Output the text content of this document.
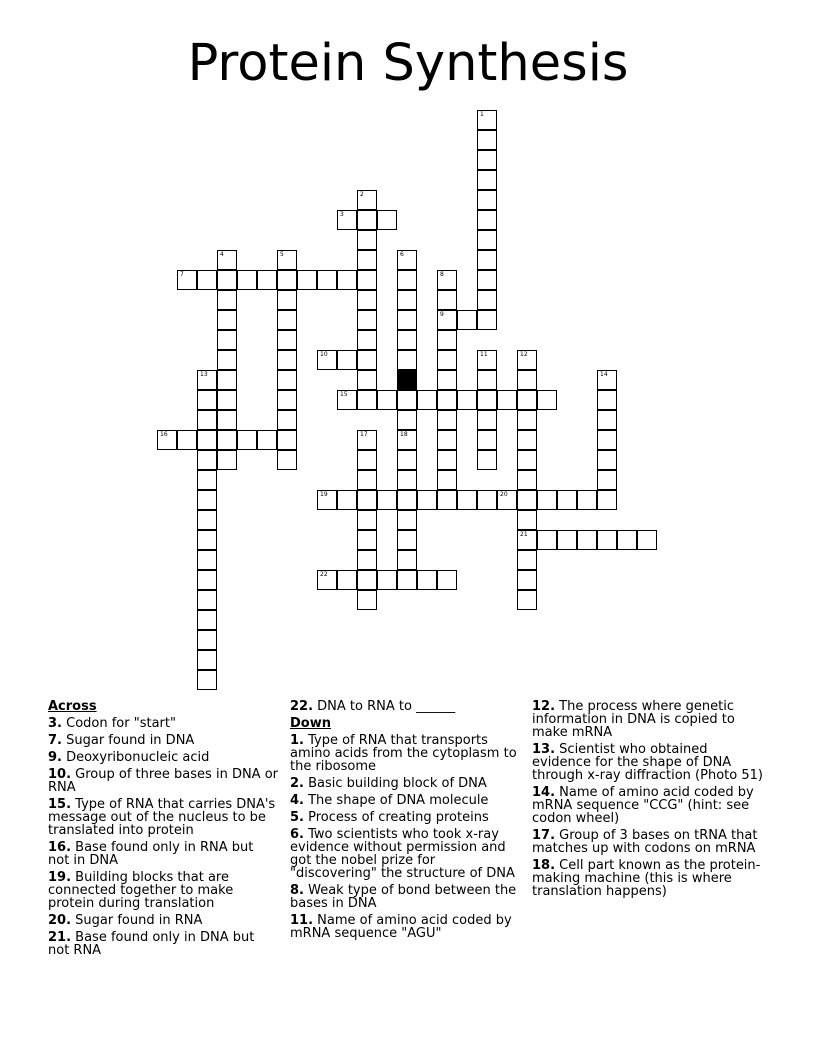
Protein Synthesis
1
2
3
4	5	6
18
7	8
9
10	11	12
21
13	14
15
16	17
19	20
22
Across
3. Codon for "start"
7. Sugar found in DNA
9. Deoxyribonucleic acid
10. Group of three bases in DNA or RNA
15. Type of RNA that carries DNA's message out of the nucleus to be translated into protein
16. Base found only in RNA but not in DNA
19. Building blocks that are connected together to make protein during translation
20. Sugar found in RNA
21. Base found only in DNA but not RNA
22. DNA to RNA to ______
Down
1. Type of RNA that transports amino acids from the cytoplasm to the ribosome
2. Basic building block of DNA
4. The shape of DNA molecule
5. Process of creating proteins
6. Two scientists who took x-ray evidence without permission and got the nobel prize for "discovering" the structure of DNA
8. Weak type of bond between the bases in DNA
11. Name of amino acid coded by mRNA sequence "AGU"
12. The process where genetic information in DNA is copied to make mRNA
13. Scientist who obtained evidence for the shape of DNA through x-ray diffraction (Photo 51)
14. Name of amino acid coded by mRNA sequence "CCG" (hint: see codon wheel)
17. Group of 3 bases on tRNA that matches up with codons on mRNA
18. Cell part known as the protein-making machine (this is where translation happens)
